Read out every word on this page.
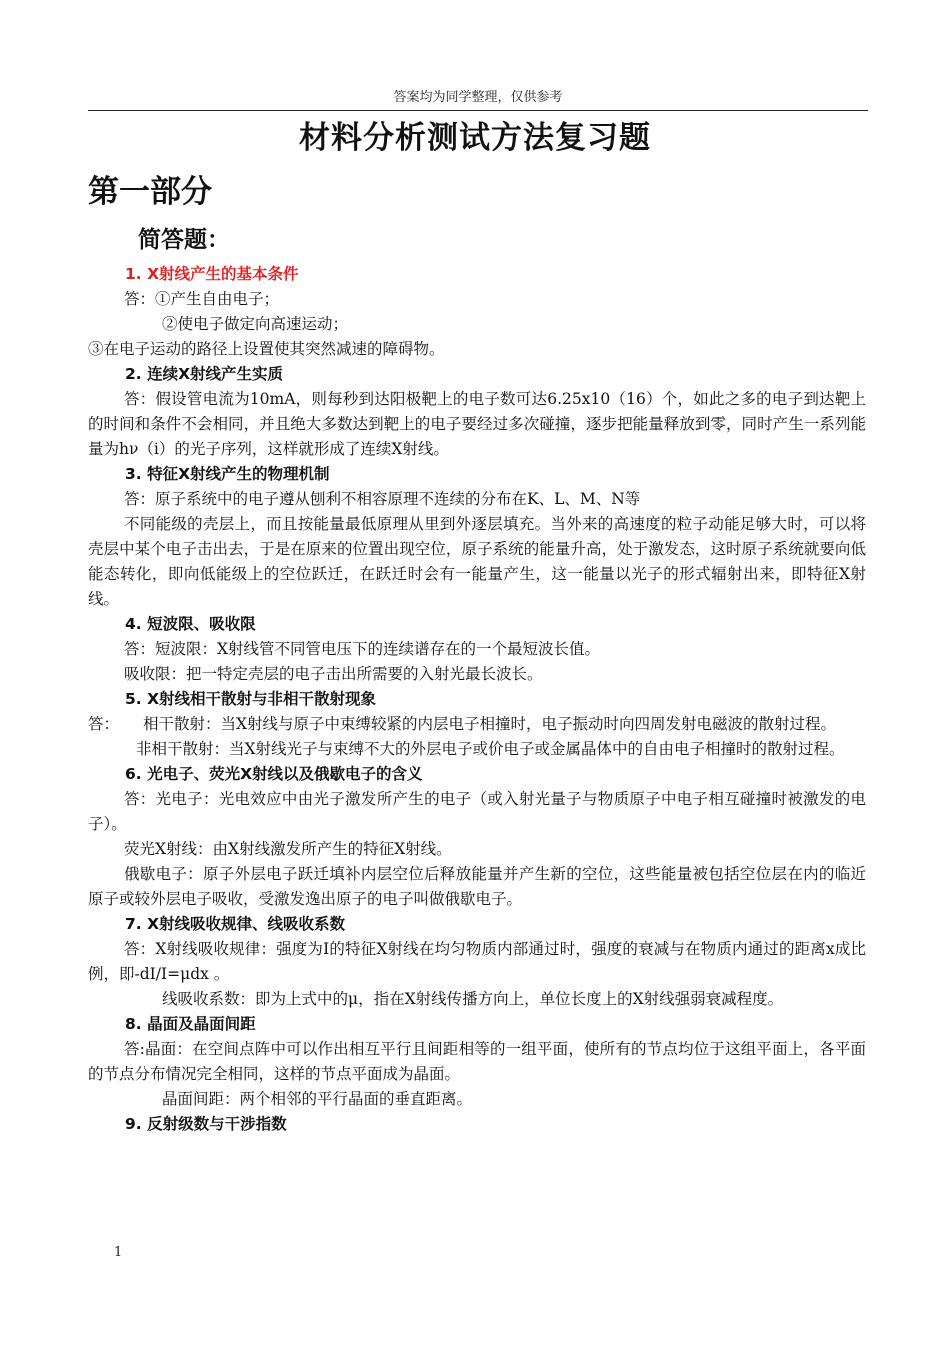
答案均为同学整理，仅供参考
材料分析测试方法复习题
第一部分
简答题：

1. X射线产生的基本条件

答：①产生自由电子；

②使电子做定向高速运动；

③在电子运动的路径上设置使其突然减速的障碍物。

2. 连续X射线产生实质

答：假设管电流为10mA，则每秒到达阳极靶上的电子数可达6.25x10（16）个，如此之多的电子到达靶上的时间和条件不会相同，并且绝大多数达到靶上的电子要经过多次碰撞，逐步把能量释放到零，同时产生一系列能量为hν（i）的光子序列，这样就形成了连续X射线。

3. 特征X射线产生的物理机制

答：原子系统中的电子遵从刨利不相容原理不连续的分布在K、L、M、N等

不同能级的壳层上，而且按能量最低原理从里到外逐层填充。当外来的高速度的粒子动能足够大时，可以将壳层中某个电子击出去，于是在原来的位置出现空位，原子系统的能量升高，处于激发态，这时原子系统就要向低能态转化，即向低能级上的空位跃迁，在跃迁时会有一能量产生，这一能量以光子的形式辐射出来，即特征X射线。

4. 短波限、吸收限

答：短波限：X射线管不同管电压下的连续谱存在的一个最短波长值。

吸收限：把一特定壳层的电子击出所需要的入射光最长波长。

5. X射线相干散射与非相干散射现象

答： 相干散射：当X射线与原子中束缚较紧的内层电子相撞时，电子振动时向四周发射电磁波的散射过程。

非相干散射：当X射线光子与束缚不大的外层电子或价电子或金属晶体中的自由电子相撞时的散射过程。

6. 光电子、荧光X射线以及俄歇电子的含义

答：光电子：光电效应中由光子激发所产生的电子（或入射光量子与物质原子中电子相互碰撞时被激发的电子）。

荧光X射线：由X射线激发所产生的特征X射线。

俄歇电子：原子外层电子跃迁填补内层空位后释放能量并产生新的空位，这些能量被包括空位层在内的临近原子或较外层电子吸收，受激发逸出原子的电子叫做俄歇电子。

7. X射线吸收规律、线吸收系数

答：X射线吸收规律：强度为I的特征X射线在均匀物质内部通过时，强度的衰减与在物质内通过的距离x成比例，即-dI/I=μdx 。

线吸收系数：即为上式中的μ，指在X射线传播方向上，单位长度上的X射线强弱衰减程度。

8. 晶面及晶面间距

答:晶面：在空间点阵中可以作出相互平行且间距相等的一组平面，使所有的节点均位于这组平面上，各平面的节点分布情况完全相同，这样的节点平面成为晶面。

晶面间距：两个相邻的平行晶面的垂直距离。

9. 反射级数与干涉指数

1
